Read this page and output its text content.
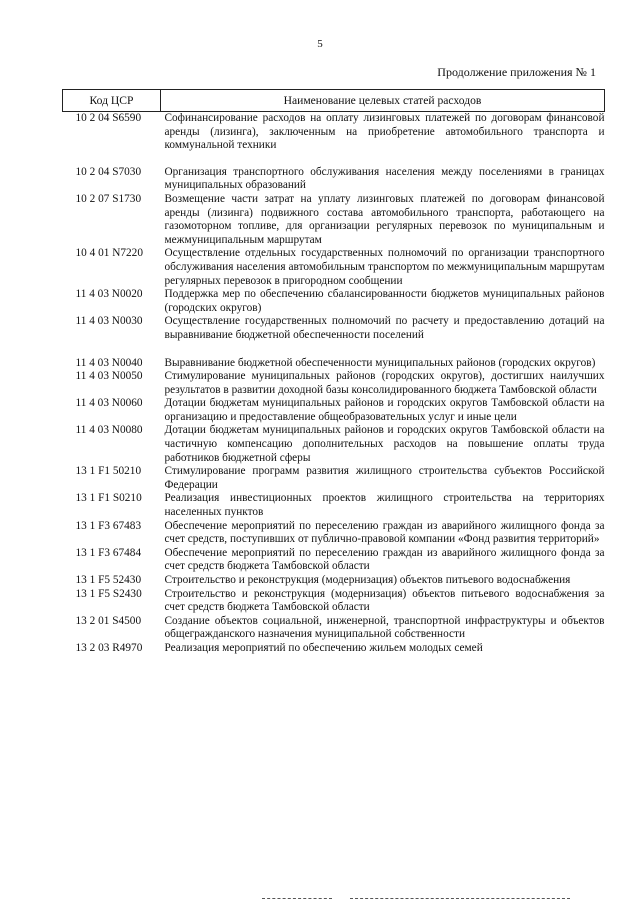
5
Продолжение приложения № 1
Код ЦСР	Наименование целевых статей расходов
10 2 04 S6590	Софинансирование расходов на оплату лизинговых платежей по договорам финансовой аренды (лизинга), заключенным на приобретение автомобильного транспорта и коммунальной техники
10 2 04 S7030	Организация транспортного обслуживания населения между поселениями в границах муниципальных образований
10 2 07 S1730	Возмещение части затрат на уплату лизинговых платежей по договорам финансовой аренды (лизинга) подвижного состава автомобильного транспорта, работающего на газомоторном топливе, для организации регулярных перевозок по муниципальным и межмуниципальным маршрутам
10 4 01 N7220	Осуществление отдельных государственных полномочий по организации транспортного обслуживания населения автомобильным транспортом по межмуниципальным маршрутам регулярных перевозок в пригородном сообщении
11 4 03 N0020	Поддержка мер по обеспечению сбалансированности бюджетов муниципальных районов (городских округов)
11 4 03 N0030	Осуществление государственных полномочий по расчету и предоставлению дотаций на выравнивание бюджетной обеспеченности поселений
11 4 03 N0040	Выравнивание бюджетной обеспеченности муниципальных районов (городских округов)
11 4 03 N0050	Стимулирование муниципальных районов (городских округов), достигших наилучших результатов в развитии доходной базы консолидированного бюджета Тамбовской области
11 4 03 N0060	Дотации бюджетам муниципальных районов и городских округов Тамбовской области на организацию и предоставление общеобразовательных услуг и иные цели
11 4 03 N0080	Дотации бюджетам муниципальных районов и городских округов Тамбовской области на частичную компенсацию дополнительных расходов на повышение оплаты труда работников бюджетной сферы
13 1 F1 50210	Стимулирование программ развития жилищного строительства субъектов Российской Федерации
13 1 F1 S0210	Реализация инвестиционных проектов жилищного строительства на территориях населенных пунктов
13 1 F3 67483	Обеспечение мероприятий по переселению граждан из аварийного жилищного фонда за счет средств, поступивших от публично-правовой компании «Фонд развития территорий»
13 1 F3 67484	Обеспечение мероприятий по переселению граждан из аварийного жилищного фонда за счет средств бюджета Тамбовской области
13 1 F5 52430	Строительство и реконструкция (модернизация) объектов питьевого водоснабжения
13 1 F5 S2430	Строительство и реконструкция (модернизация) объектов питьевого водоснабжения за счет средств бюджета Тамбовской области
13 2 01 S4500	Создание объектов социальной, инженерной, транспортной инфраструктуры и объектов общегражданского назначения муниципальной собственности
13 2 03 R4970	Реализация мероприятий по обеспечению жильем молодых семей
